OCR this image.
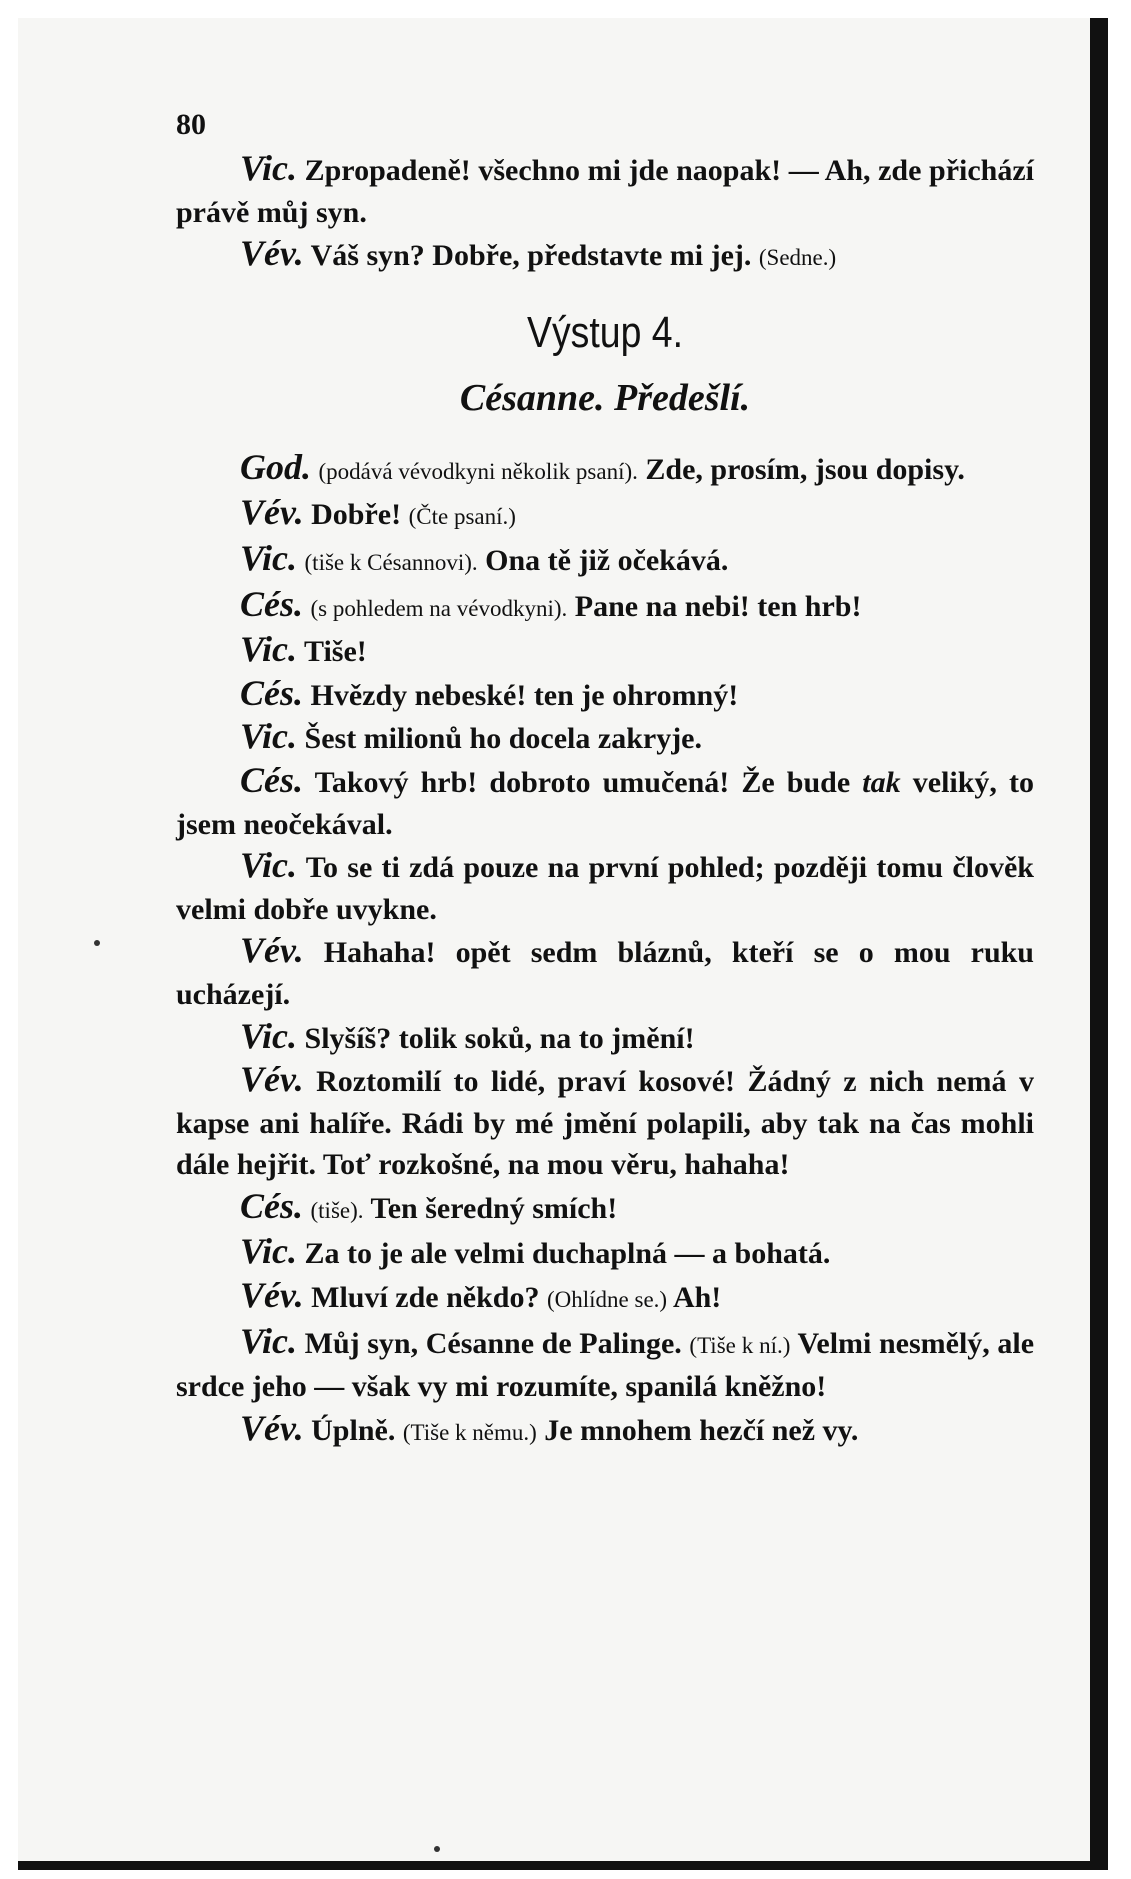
80

Vic. Zpropadeně! všechno mi jde naopak! — Ah, zde přichází právě můj syn.

Vév. Váš syn? Dobře, představte mi jej. (Sedne.)

Výstup 4.
Césanne. Předešlí.

God. (podává vévodkyni několik psaní). Zde, prosím, jsou dopisy.

Vév. Dobře! (Čte psaní.)

Vic. (tiše k Césannovi). Ona tě již očekává.

Cés. (s pohledem na vévodkyni). Pane na nebi! ten hrb!

Vic. Tiše!

Cés. Hvězdy nebeské! ten je ohromný!

Vic. Šest milionů ho docela zakryje.

Cés. Takový hrb! dobroto umučená! Že bude tak veliký, to jsem neočekával.

Vic. To se ti zdá pouze na první pohled; později tomu člověk velmi dobře uvykne.

Vév. Hahaha! opět sedm bláznů, kteří se o mou ruku ucházejí.

Vic. Slyšíš? tolik soků, na to jmění!

Vév. Roztomilí to lidé, praví kosové! Žádný z nich nemá v kapse ani halíře. Rádi by mé jmění polapili, aby tak na čas mohli dále hejřit. Toť rozkošné, na mou věru, hahaha!

Cés. (tiše). Ten šeredný smích!

Vic. Za to je ale velmi duchaplná — a bohatá.

Vév. Mluví zde někdo? (Ohlídne se.) Ah!

Vic. Můj syn, Césanne de Palinge. (Tiše k ní.) Velmi nesmělý, ale srdce jeho — však vy mi rozumíte, spanilá kněžno!

Vév. Úplně. (Tiše k němu.) Je mnohem hezčí než vy.
